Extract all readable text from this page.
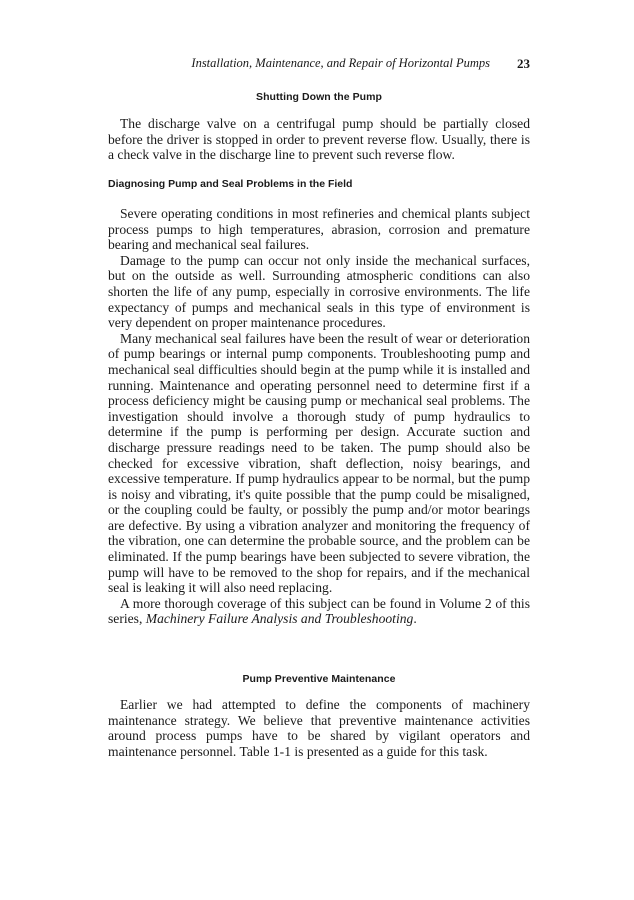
Installation, Maintenance, and Repair of Horizontal Pumps 23
Shutting Down the Pump

The discharge valve on a centrifugal pump should be partially closed before the driver is stopped in order to prevent reverse flow. Usually, there is a check valve in the discharge line to prevent such reverse flow.

Diagnosing Pump and Seal Problems in the Field

Severe operating conditions in most refineries and chemical plants subject process pumps to high temperatures, abrasion, corrosion and premature bearing and mechanical seal failures.

Damage to the pump can occur not only inside the mechanical surfaces, but on the outside as well. Surrounding atmospheric conditions can also shorten the life of any pump, especially in corrosive environments. The life expectancy of pumps and mechanical seals in this type of environment is very dependent on proper maintenance procedures.

Many mechanical seal failures have been the result of wear or deterioration of pump bearings or internal pump components. Troubleshooting pump and mechanical seal difficulties should begin at the pump while it is installed and running. Maintenance and operating personnel need to determine first if a process deficiency might be causing pump or mechanical seal problems. The investigation should involve a thorough study of pump hydraulics to determine if the pump is performing per design. Accurate suction and discharge pressure readings need to be taken. The pump should also be checked for excessive vibration, shaft deflection, noisy bearings, and excessive temperature. If pump hydraulics appear to be normal, but the pump is noisy and vibrating, it's quite possible that the pump could be misaligned, or the coupling could be faulty, or possibly the pump and/or motor bearings are defective. By using a vibration analyzer and monitoring the frequency of the vibration, one can determine the probable source, and the problem can be eliminated. If the pump bearings have been subjected to severe vibration, the pump will have to be removed to the shop for repairs, and if the mechanical seal is leaking it will also need replacing.

A more thorough coverage of this subject can be found in Volume 2 of this series, Machinery Failure Analysis and Troubleshooting.

Pump Preventive Maintenance

Earlier we had attempted to define the components of machinery maintenance strategy. We believe that preventive maintenance activities around process pumps have to be shared by vigilant operators and maintenance personnel. Table 1-1 is presented as a guide for this task.
